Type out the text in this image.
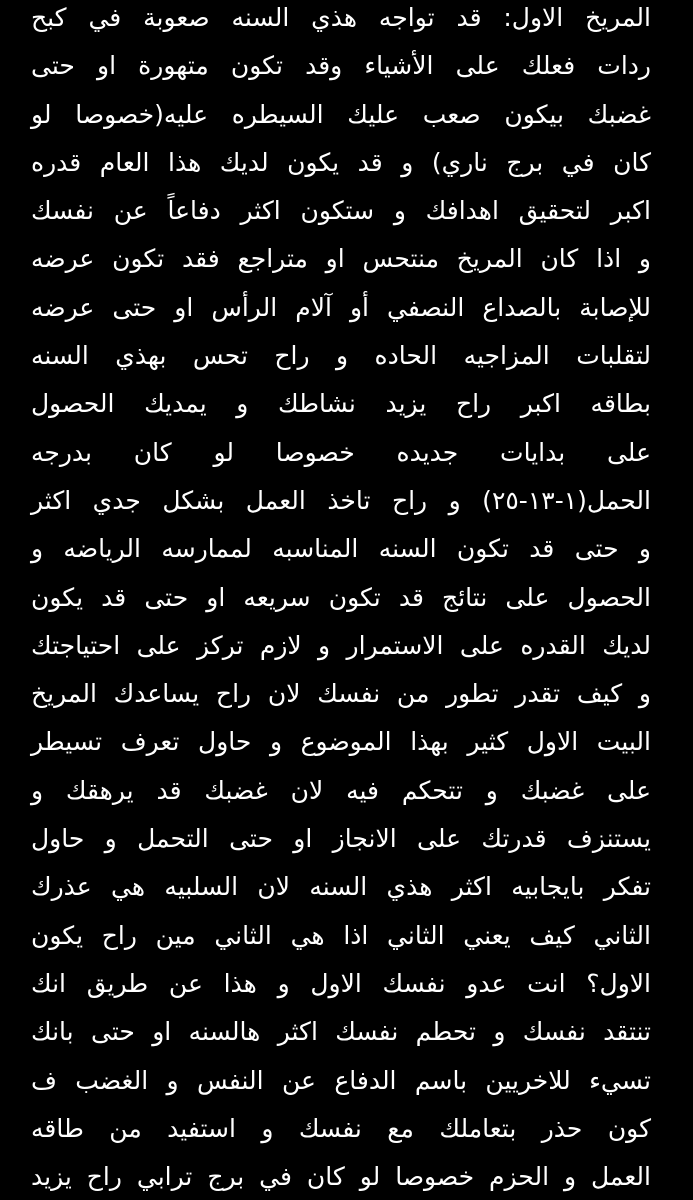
المريخ الاول: قد تواجه هذي السنه صعوبة في كبح
ردات فعلك على الأشياء وقد تكون متهورة او حتى
غضبك بيكون صعب عليك السيطره عليه(خصوصا لو
كان في برج ناري) و قد يكون لديك هذا العام قدره
اكبر لتحقيق اهدافك و ستكون اكثر دفاعاً عن نفسك
و اذا كان المريخ منتحس او متراجع فقد تكون عرضه
للإصابة بالصداع النصفي أو آلام الرأس او حتى عرضه
لتقلبات المزاجيه الحاده و راح تحس بهذي السنه
بطاقه اكبر راح يزيد نشاطك و يمديك الحصول
على بدايات جديده خصوصا لو كان بدرجه
الحمل(١-١٣-٢٥) و راح تاخذ العمل بشكل جدي اكثر
و حتى قد تكون السنه المناسبه لممارسه الرياضه و
الحصول على نتائج قد تكون سريعه او حتى قد يكون
لديك القدره على الاستمرار و لازم تركز على احتياجتك
و كيف تقدر تطور من نفسك لان راح يساعدك المريخ
البيت الاول كثير بهذا الموضوع و حاول تعرف تسيطر
على غضبك و تتحكم فيه لان غضبك قد يرهقك و
يستنزف قدرتك على الانجاز او حتى التحمل و حاول
تفكر بايجابيه اكثر هذي السنه لان السلبيه هي عذرك
الثاني كيف يعني الثاني اذا هي الثاني مين راح يكون
الاول؟ انت عدو نفسك الاول و هذا عن طريق انك
تنتقد نفسك و تحطم نفسك اكثر هالسنه او حتى بانك
تسيء للاخريين باسم الدفاع عن النفس و الغضب ف
كون حذر بتعاملك مع نفسك و استفيد من طاقه
العمل و الحزم خصوصا لو كان في برج ترابي راح يزيد
